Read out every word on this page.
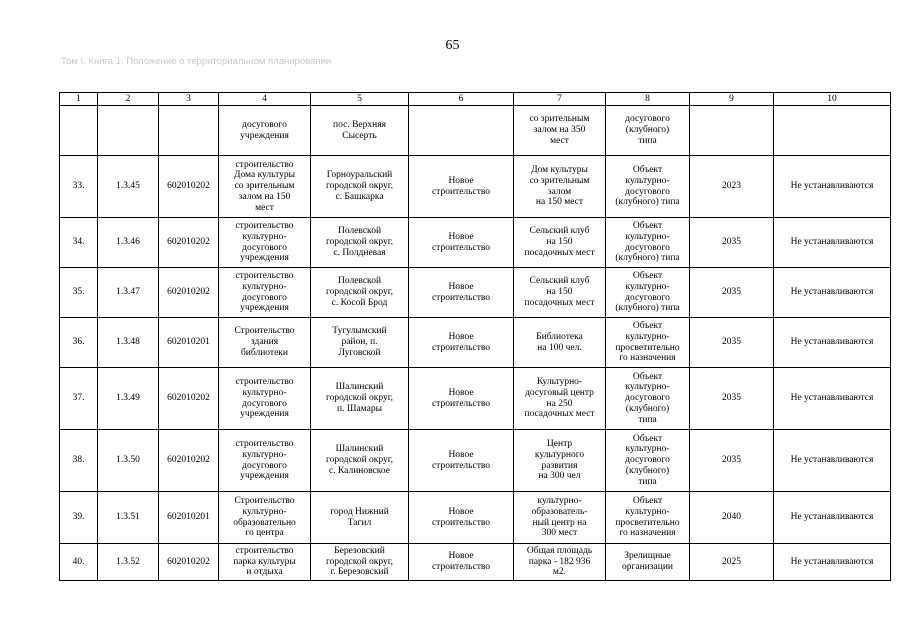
65
Том I. Книга 1. Положение о территориальном планировании
1	2	3	4	5	6	7	8	9	10
			досугового
учреждения	пос. Верхняя
Сысерть		со зрительным
залом на 350
мест	досугового
(клубного)
типа		
33.	1.3.45	602010202	строительство
Дома культуры
со зрительным
залом на 150
мест	Горноуральский
городской округ,
с. Башкарка	Новое
строительство	Дом культуры
со зрительным
залом
на 150 мест	Объект
культурно-
досугового
(клубного) типа	2023	Не устанавливаются
34.	1.3.46	602010202	строительство
культурно-
досугового
учреждения	Полевской
городской округ,
с. Полдневая	Новое
строительство	Сельский клуб
на 150
посадочных мест	Объект
культурно-
досугового
(клубного) типа	2035	Не устанавливаются
35.	1.3.47	602010202	строительство
культурно-
досугового
учреждения	Полевской
городской округ,
с. Косой Брод	Новое
строительство	Сельский клуб
на 150
посадочных мест	Объект
культурно-
досугового
(клубного) типа	2035	Не устанавливаются
36.	1.3.48	602010201	Строительство
здания
библиотеки	Тугулымский
район, п.
Луговской	Новое
строительство	Библиотека
на 100 чел.	Объект
культурно-
просветительно
го назначения	2035	Не устанавливаются
37.	1.3.49	602010202	строительство
культурно-
досугового
учреждения	Шалинский
городской округ,
п. Шамары	Новое
строительство	Культурно-
досуговый центр
на 250
посадочных мест	Объект
культурно-
досугового
(клубного)
типа	2035	Не устанавливаются
38.	1.3.50	602010202	строительство
культурно-
досугового
учреждения	Шалинский
городской округ,
с. Калиновское	Новое
строительство	Центр
культурного
развития
на 300 чел	Объект
культурно-
досугового
(клубного)
типа	2035	Не устанавливаются
39.	1.3.51	602010201	Строительство
культурно-
образовательно
го центра	город Нижний
Тагил	Новое
строительство	культурно-
образователь-
ный центр на
300 мест	Объект
культурно-
просветительно
го назначения	2040	Не устанавливаются
40.	1.3.52	602010202	строительство
парка культуры
и отдыха	Березовский
городской округ,
г. Березовский	Новое
строительство	Общая площадь
парка - 182 936
м2.	Зрелищные
организации	2025	Не устанавливаются
